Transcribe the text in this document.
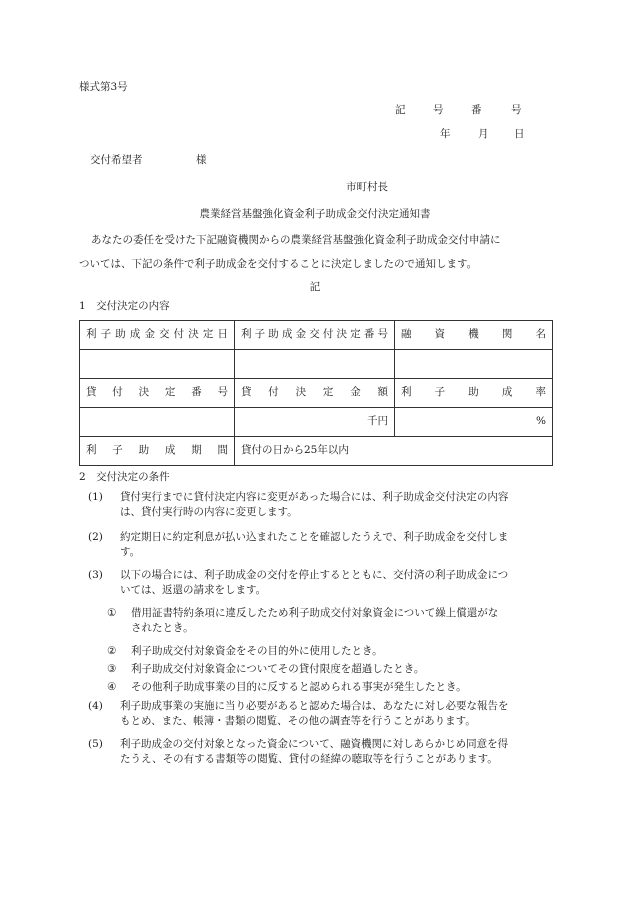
様式第3号
記	号	番	号
年	月 日
交付希望者	様
市町村長
農業経営基盤強化資金利子助成金交付決定通知書
あなたの委任を受けた下記融資機関からの農業経営基盤強化資金利子助成金交付申請に
ついては、下記の条件で利子助成金を交付することに決定しましたので通知します。
記
1　交付決定の内容
利子助成金交付決定日	利子助成金交付決定番号	融資機関名

貸付決定番号	貸付決定金額	利子助成率
	千円	%
利子助成期間	貸付の日から25年以内	
2　交付決定の条件
(1) 貸付実行までに貸付決定内容に変更があった場合には、利子助成金交付決定の内容
は、貸付実行時の内容に変更します。
(2) 約定期日に約定利息が払い込まれたことを確認したうえで、利子助成金を交付しま
す。
(3) 以下の場合には、利子助成金の交付を停止するとともに、交付済の利子助成金につ
いては、返還の請求をします。
① 借用証書特約条項に違反したため利子助成交付対象資金について繰上償還がな
されたとき。
② 利子助成交付対象資金をその目的外に使用したとき。
③ 利子助成交付対象資金についてその貸付限度を超過したとき。
④ その他利子助成事業の目的に反すると認められる事実が発生したとき。
(4) 利子助成事業の実施に当り必要があると認めた場合は、あなたに対し必要な報告を
もとめ、また、帳簿・書類の閲覧、その他の調査等を行うことがあります。
(5) 利子助成金の交付対象となった資金について、融資機関に対しあらかじめ同意を得
たうえ、その有する書類等の閲覧、貸付の経緯の聴取等を行うことがあります。
